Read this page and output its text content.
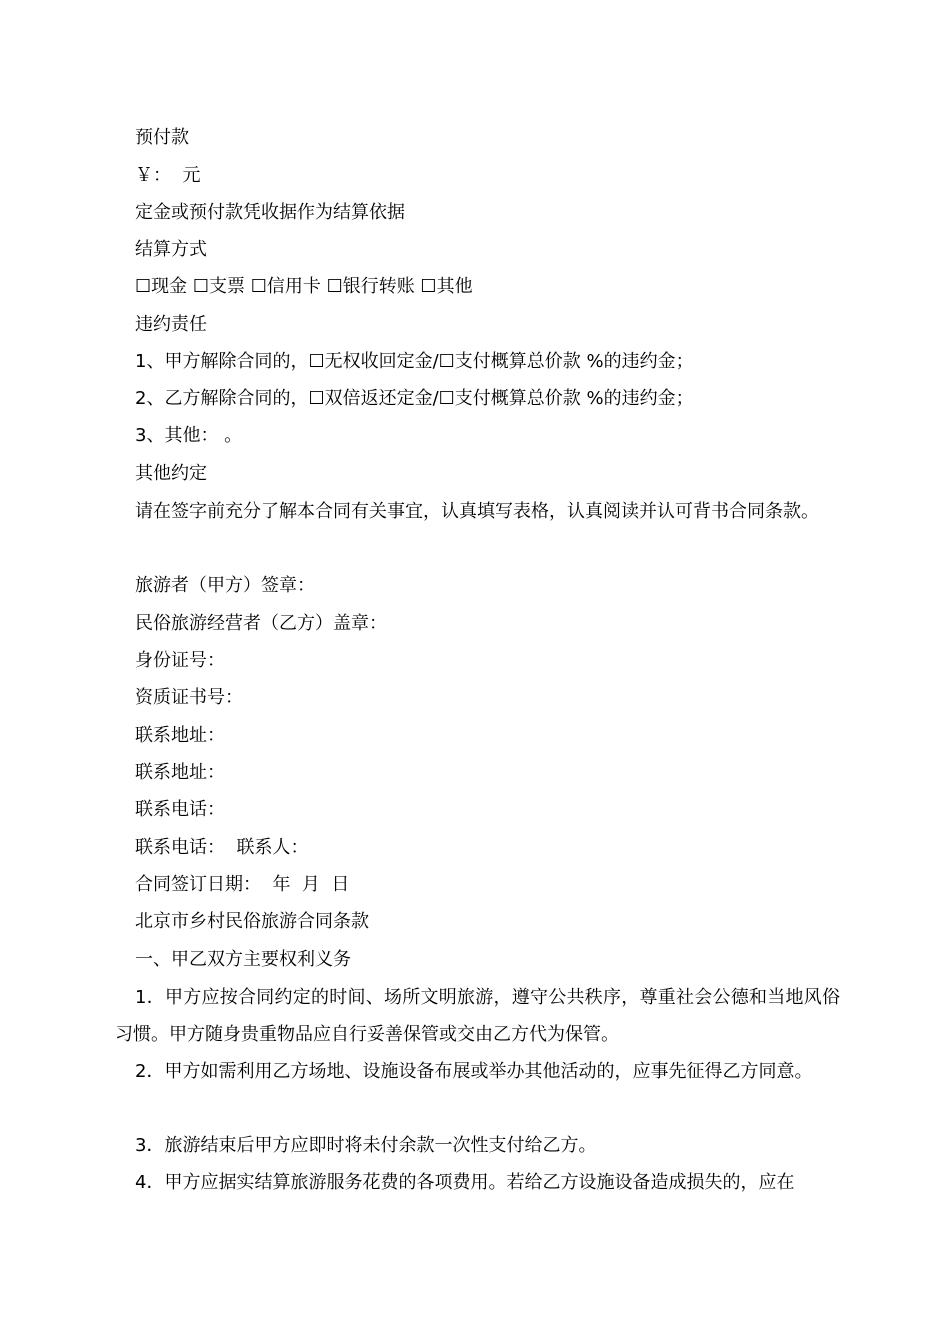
预付款
￥：  元
定金或预付款凭收据作为结算依据
结算方式
☐现金 ☐支票 ☐信用卡 ☐银行转账 ☐其他
违约责任
1、甲方解除合同的，☐无权收回定金/☐支付概算总价款 %的违约金；
2、乙方解除合同的，☐双倍返还定金/☐支付概算总价款 %的违约金；
3、其他： 。
其他约定
请在签字前充分了解本合同有关事宜，认真填写表格，认真阅读并认可背书合同条款。
旅游者（甲方）签章：
民俗旅游经营者（乙方）盖章：
身份证号：
资质证书号：
联系地址：
联系地址：
联系电话：
联系电话：  联系人：
合同签订日期：  年  月  日
北京市乡村民俗旅游合同条款
一、甲乙双方主要权利义务
1．甲方应按合同约定的时间、场所文明旅游，遵守公共秩序，尊重社会公德和当地风俗习惯。甲方随身贵重物品应自行妥善保管或交由乙方代为保管。
2．甲方如需利用乙方场地、设施设备布展或举办其他活动的，应事先征得乙方同意。
3．旅游结束后甲方应即时将未付余款一次性支付给乙方。
4．甲方应据实结算旅游服务花费的各项费用。若给乙方设施设备造成损失的，应在
